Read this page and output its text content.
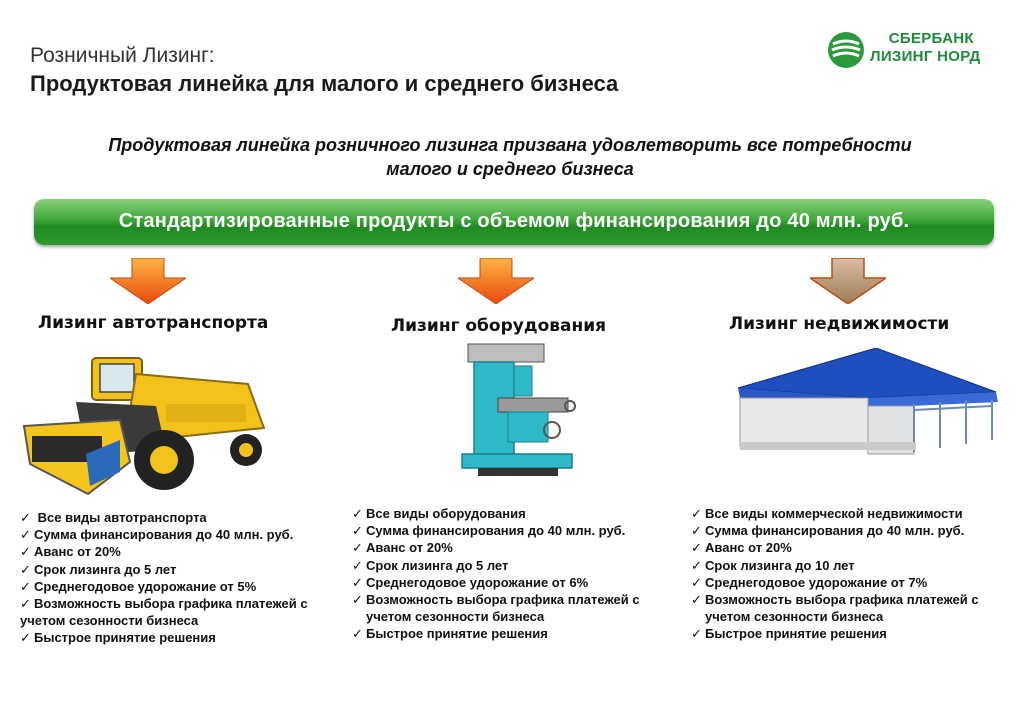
Розничный Лизинг:
Продуктовая линейка для малого и среднего бизнеса
СБЕРБАНК
ЛИЗИНГ НОРД
Продуктовая линейка розничного лизинга призвана удовлетворить все потребности
малого и среднего бизнеса
Стандартизированные продукты с объемом финансирования до 40 млн. руб.
Лизинг автотранспорта	Лизинг оборудования	Лизинг недвижимости
✓ Все виды автотранспорта
✓ Сумма финансирования до 40 млн. руб.
✓ Аванс от 20%
✓ Срок лизинга до 5 лет
✓ Среднегодовое удорожание от 5%
✓ Возможность выбора графика платежей с
учетом сезонности бизнеса
✓ Быстрое принятие решения
✓ Все виды оборудования
✓ Сумма финансирования до 40 млн. руб.
✓ Аванс от 20%
✓ Срок лизинга до 5 лет
✓ Среднегодовое удорожание от 6%
✓ Возможность выбора графика платежей с
учетом сезонности бизнеса
✓ Быстрое принятие решения
✓ Все виды коммерческой недвижимости
✓ Сумма финансирования до 40 млн. руб.
✓ Аванс от 20%
✓ Срок лизинга до 10 лет
✓ Среднегодовое удорожание от 7%
✓ Возможность выбора графика платежей с
учетом сезонности бизнеса
✓ Быстрое принятие решения
